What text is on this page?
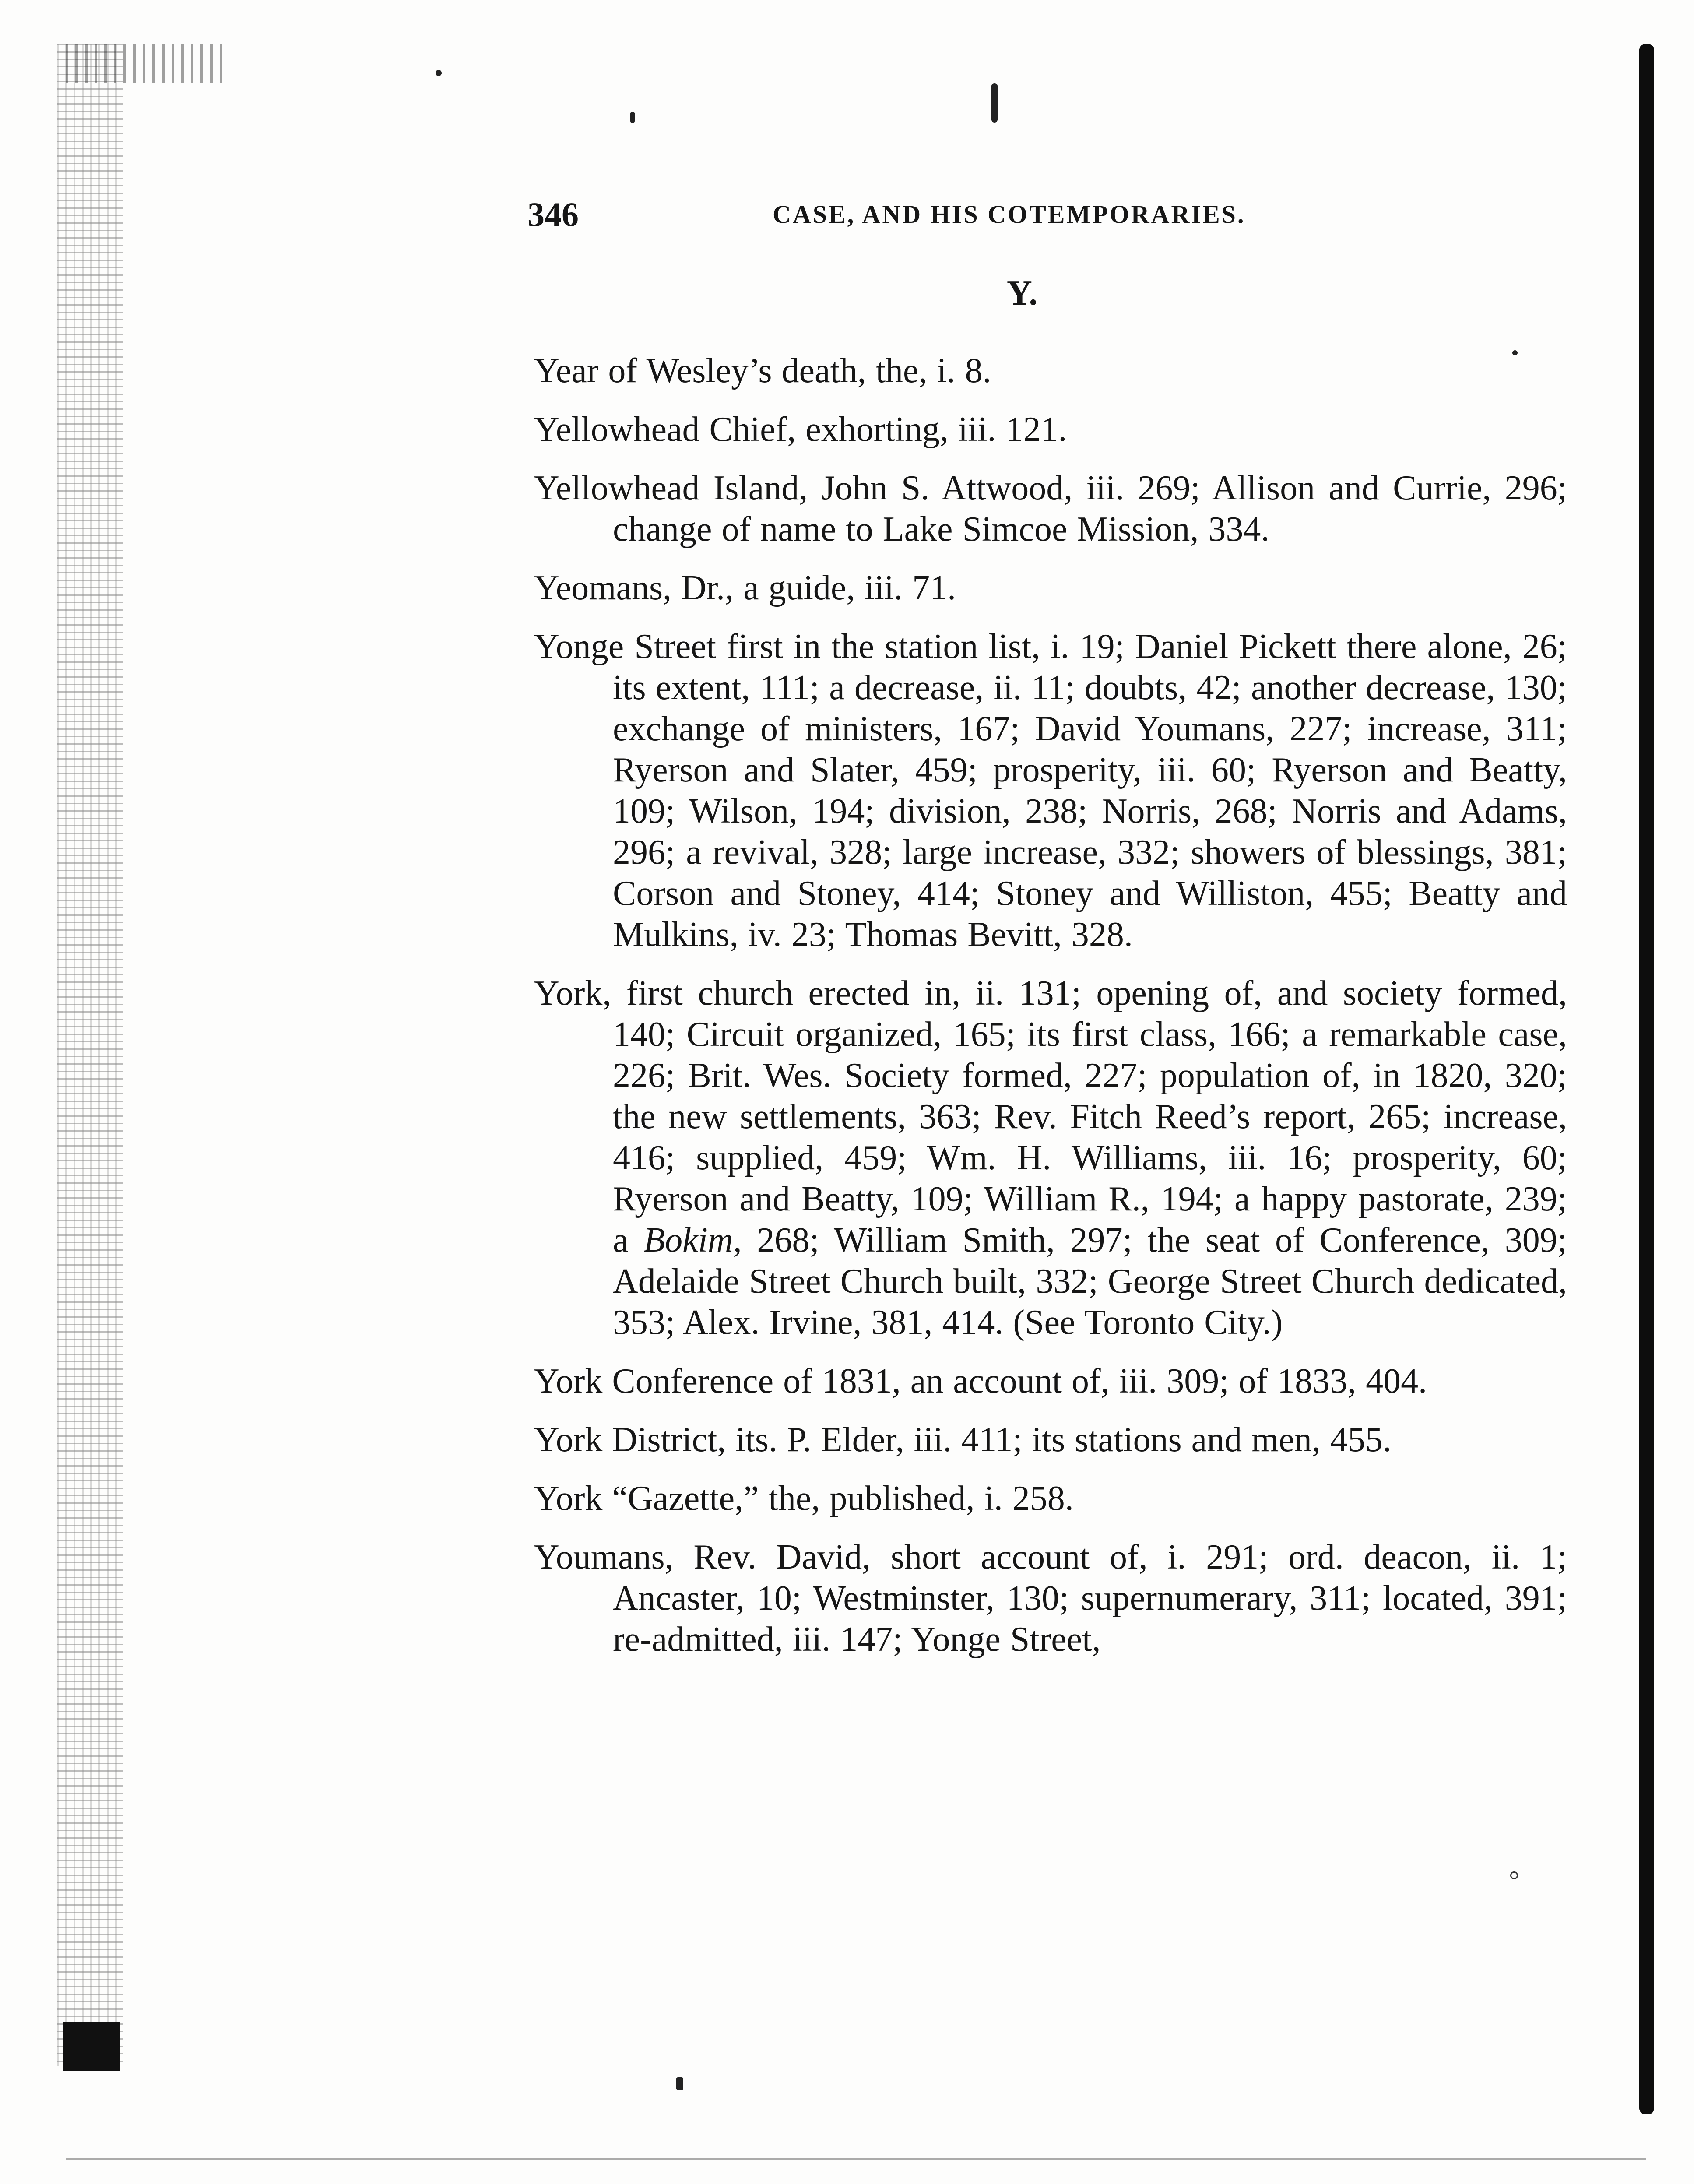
346	CASE, AND HIS COTEMPORARIES.
Y.
Year of Wesley’s death, the, i. 8.
Yellowhead Chief, exhorting, iii. 121.
Yellowhead Island, John S. Attwood, iii. 269; Allison and Currie, 296; change of name to Lake Simcoe Mission, 334.
Yeomans, Dr., a guide, iii. 71.
Yonge Street first in the station list, i. 19; Daniel Pickett there alone, 26; its extent, 111; a decrease, ii. 11; doubts, 42; another decrease, 130; exchange of ministers, 167; David Youmans, 227; increase, 311; Ryerson and Slater, 459; prosperity, iii. 60; Ryerson and Beatty, 109; Wilson, 194; division, 238; Norris, 268; Norris and Adams, 296; a revival, 328; large increase, 332; showers of blessings, 381; Corson and Stoney, 414; Stoney and Williston, 455; Beatty and Mulkins, iv. 23; Thomas Bevitt, 328.
York, first church erected in, ii. 131; opening of, and society formed, 140; Circuit organized, 165; its first class, 166; a remarkable case, 226; Brit. Wes. Society formed, 227; population of, in 1820, 320; the new settlements, 363; Rev. Fitch Reed’s report, 265; increase, 416; supplied, 459; Wm. H. Williams, iii. 16; prosperity, 60; Ryerson and Beatty, 109; William R., 194; a happy pastorate, 239; a Bokim, 268; William Smith, 297; the seat of Conference, 309; Adelaide Street Church built, 332; George Street Church dedicated, 353; Alex. Irvine, 381, 414. (See Toronto City.)
York Conference of 1831, an account of, iii. 309; of 1833, 404.
York District, its. P. Elder, iii. 411; its stations and men, 455.
York “Gazette,” the, published, i. 258.
Youmans, Rev. David, short account of, i. 291; ord. deacon, ii. 1; Ancaster, 10; Westminster, 130; supernumerary, 311; located, 391; re-admitted, iii. 147; Yonge Street,
